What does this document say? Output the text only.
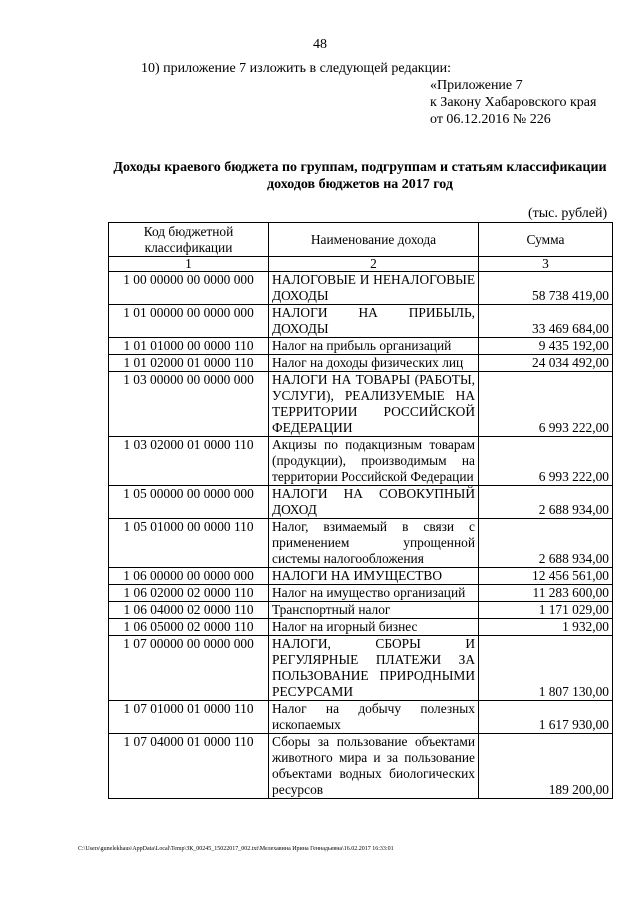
48
10) приложение 7 изложить в следующей редакции:
«Приложение 7
к Закону Хабаровского края
от 06.12.2016 № 226
Доходы краевого бюджета по группам, подгруппам и статьям классификации
доходов бюджетов на 2017 год
(тыс. рублей)
Код бюджетной классификации	Наименование дохода	Сумма
1	2	3
1 00 00000 00 0000 000	НАЛОГОВЫЕ И НЕНАЛОГОВЫЕ ДОХОДЫ	58 738 419,00
1 01 00000 00 0000 000	НАЛОГИ НА ПРИБЫЛЬ, ДОХОДЫ	33 469 684,00
1 01 01000 00 0000 110	Налог на прибыль организаций	9 435 192,00
1 01 02000 01 0000 110	Налог на доходы физических лиц	24 034 492,00
1 03 00000 00 0000 000	НАЛОГИ НА ТОВАРЫ (РАБОТЫ, УСЛУГИ), РЕАЛИЗУЕМЫЕ НА ТЕРРИТОРИИ РОССИЙСКОЙ ФЕДЕРАЦИИ	6 993 222,00
1 03 02000 01 0000 110	Акцизы по подакцизным товарам (продукции), производимым на территории Российской Федерации	6 993 222,00
1 05 00000 00 0000 000	НАЛОГИ НА СОВОКУПНЫЙ ДОХОД	2 688 934,00
1 05 01000 00 0000 110	Налог, взимаемый в связи с применением упрощенной системы налогообложения	2 688 934,00
1 06 00000 00 0000 000	НАЛОГИ НА ИМУЩЕСТВО	12 456 561,00
1 06 02000 02 0000 110	Налог на имущество организаций	11 283 600,00
1 06 04000 02 0000 110	Транспортный налог	1 171 029,00
1 06 05000 02 0000 110	Налог на игорный бизнес	1 932,00
1 07 00000 00 0000 000	НАЛОГИ, СБОРЫ И РЕГУЛЯРНЫЕ ПЛАТЕЖИ ЗА ПОЛЬЗОВАНИЕ ПРИРОДНЫМИ РЕСУРСАМИ	1 807 130,00
1 07 01000 01 0000 110	Налог на добычу полезных ископаемых	1 617 930,00
1 07 04000 01 0000 110	Сборы за пользование объектами животного мира и за пользование объектами водных биологических ресурсов	189 200,00
C:\Users\gunelekhaus\AppData\Local\Temp\ЗК_00245_15022017_002.txt\Мелехавина Ирина Геннадьевна\16.02.2017 16:33:01
